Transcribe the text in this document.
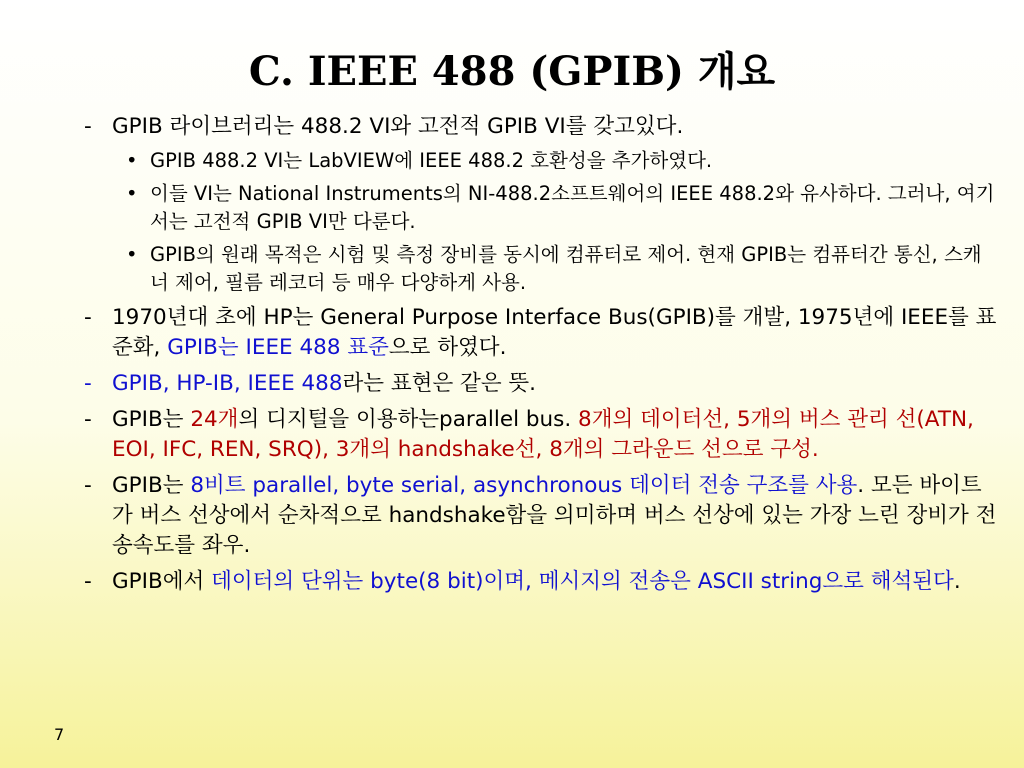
C. IEEE 488 (GPIB) 개요
- GPIB 라이브러리는 488.2 VI와 고전적 GPIB VI를 갖고있다.
• GPIB 488.2 VI는 LabVIEW에 IEEE 488.2 호환성을 추가하였다.
• 이들 VI는 National Instruments의 NI-488.2소프트웨어의 IEEE 488.2와 유사하다. 그러나, 여기서는 고전적 GPIB VI만 다룬다.
• GPIB의 원래 목적은 시험 및 측정 장비를 동시에 컴퓨터로 제어. 현재 GPIB는 컴퓨터간 통신, 스캐너 제어, 필름 레코더 등 매우 다양하게 사용.
- 1970년대 초에 HP는 General Purpose Interface Bus(GPIB)를 개발, 1975년에 IEEE를 표준화, GPIB는 IEEE 488 표준으로 하였다.
- GPIB, HP-IB, IEEE 488라는 표현은 같은 뜻.
- GPIB는 24개의 디지털을 이용하는parallel bus. 8개의 데이터선, 5개의 버스 관리 선(ATN, EOI, IFC, REN, SRQ), 3개의 handshake선, 8개의 그라운드 선으로 구성.
- GPIB는 8비트 parallel, byte serial, asynchronous 데이터 전송 구조를 사용. 모든 바이트가 버스 선상에서 순차적으로 handshake함을 의미하며 버스 선상에 있는 가장 느린 장비가 전송속도를 좌우.
- GPIB에서 데이터의 단위는 byte(8 bit)이며, 메시지의 전송은 ASCII string으로 해석된다.
7
